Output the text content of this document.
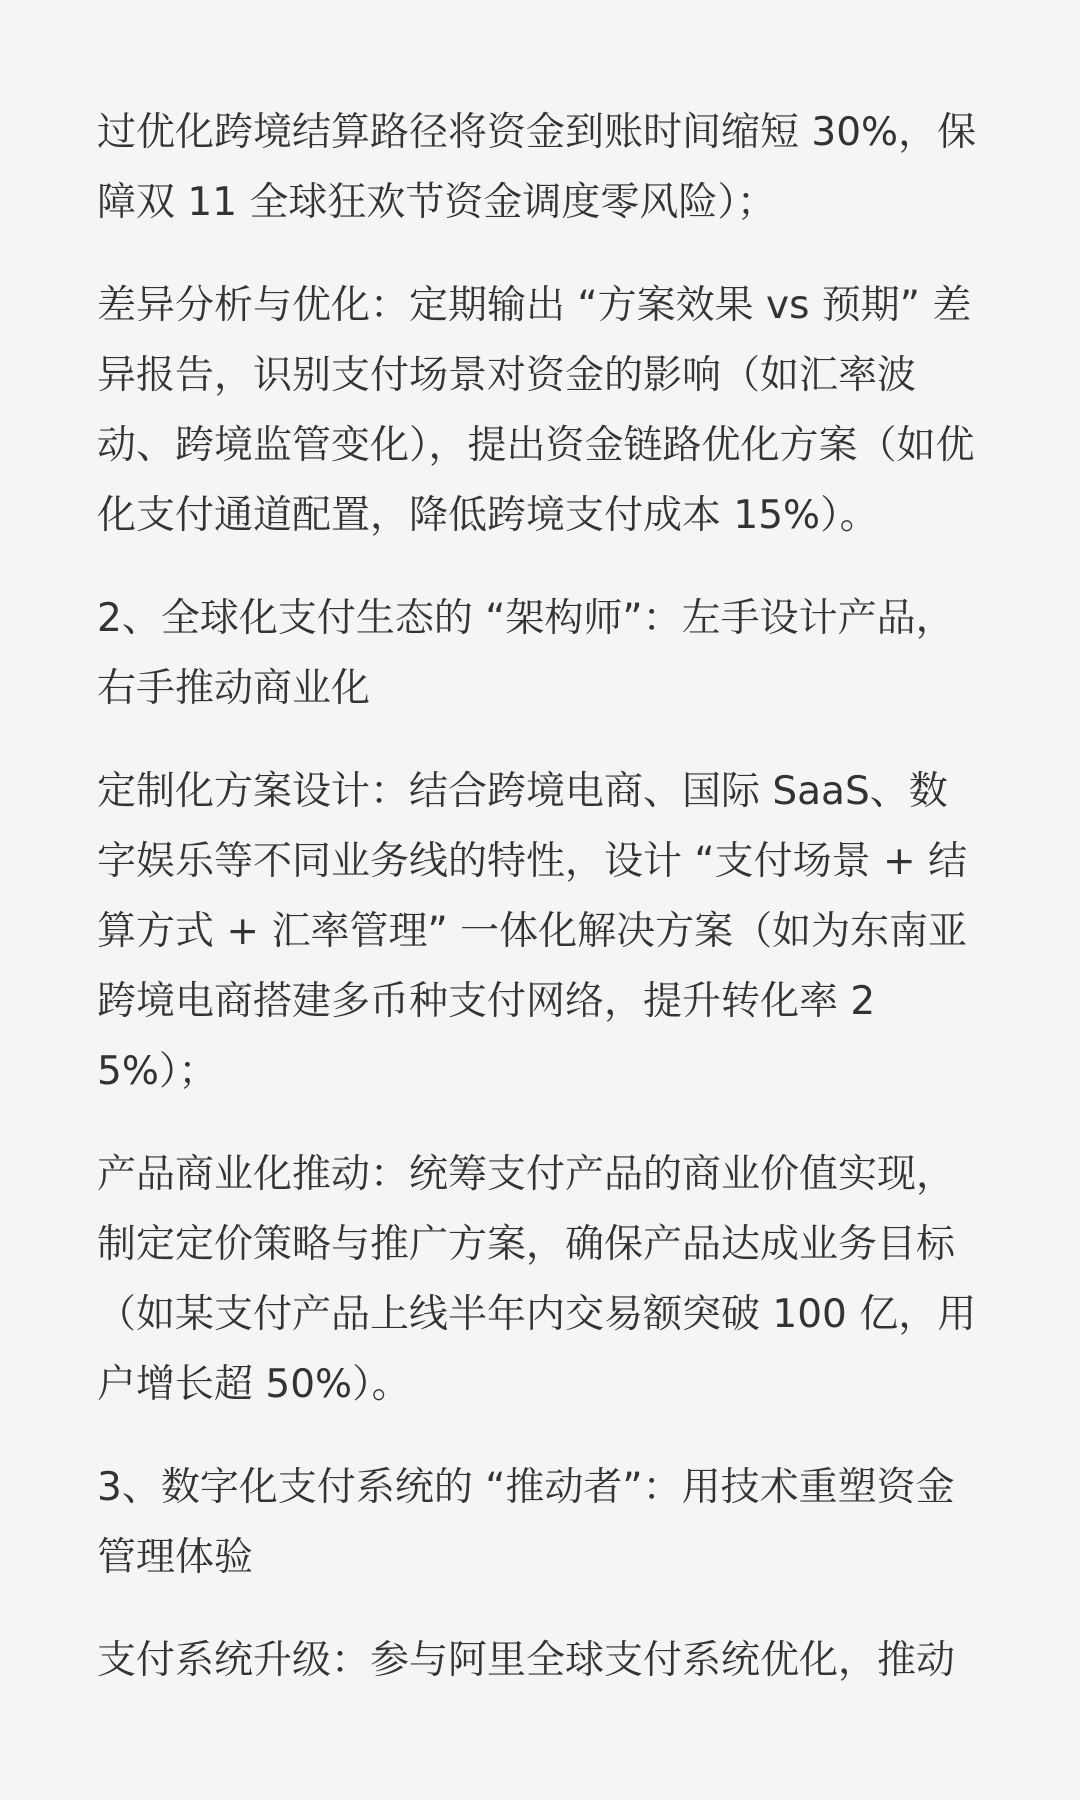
过优化跨境结算路径将资金到账时间缩短 30%，保障双 11 全球狂欢节资金调度零风险）；

差异分析与优化：定期输出 “方案效果 vs 预期” 差异报告，识别支付场景对资金的影响（如汇率波动、跨境监管变化），提出资金链路优化方案（如优化支付通道配置，降低跨境支付成本 15%）。

2、全球化支付生态的 “架构师”：左手设计产品，右手推动商业化

定制化方案设计：结合跨境电商、国际 SaaS、数字娱乐等不同业务线的特性，设计 “支付场景 + 结算方式 + 汇率管理” 一体化解决方案（如为东南亚跨境电商搭建多币种支付网络，提升转化率 25%）；

产品商业化推动：统筹支付产品的商业价值实现，制定定价策略与推广方案，确保产品达成业务目标（如某支付产品上线半年内交易额突破 100 亿，用户增长超 50%）。

3、数字化支付系统的 “推动者”：用技术重塑资金管理体验

支付系统升级：参与阿里全球支付系统优化，推动
